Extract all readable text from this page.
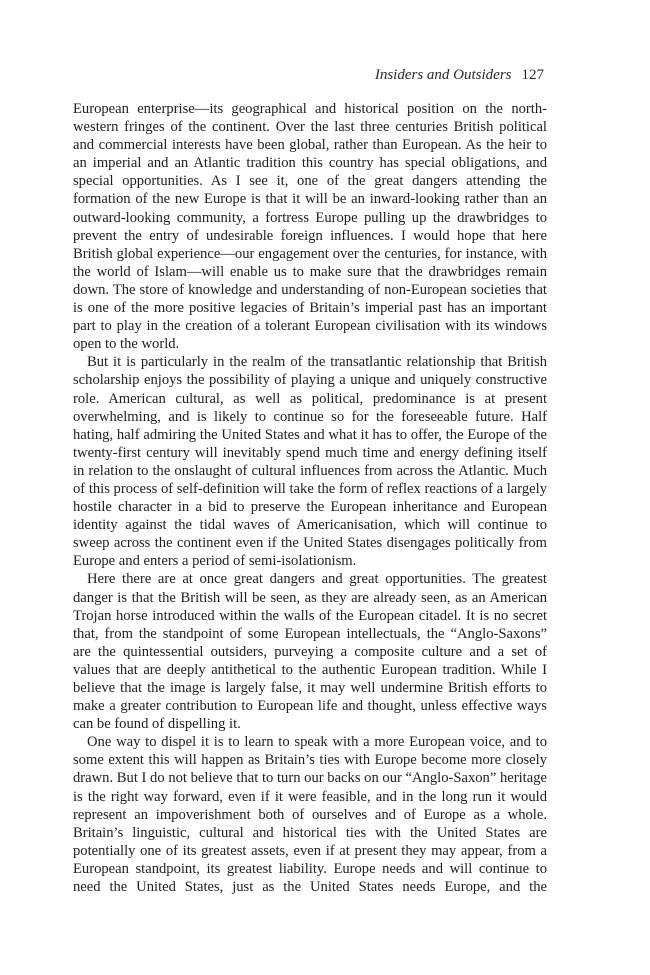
Insiders and Outsiders 127

European enterprise—its geographical and historical position on the north-western fringes of the continent. Over the last three centuries British political and commercial interests have been global, rather than European. As the heir to an imperial and an Atlantic tradition this country has special obligations, and special opportunities. As I see it, one of the great dangers attending the formation of the new Europe is that it will be an inward-looking rather than an outward-looking community, a fortress Europe pulling up the drawbridges to prevent the entry of undesirable foreign influences. I would hope that here British global experience—our engagement over the centuries, for instance, with the world of Islam—will enable us to make sure that the drawbridges remain down. The store of knowledge and understanding of non-European societies that is one of the more positive legacies of Britain’s imperial past has an important part to play in the creation of a tolerant European civilisation with its windows open to the world.

But it is particularly in the realm of the transatlantic relationship that British scholarship enjoys the possibility of playing a unique and uniquely constructive role. American cultural, as well as political, predominance is at present overwhelming, and is likely to continue so for the foreseeable future. Half hating, half admiring the United States and what it has to offer, the Europe of the twenty-first century will inevitably spend much time and energy defining itself in relation to the onslaught of cultural influences from across the Atlantic. Much of this process of self-definition will take the form of reflex reactions of a largely hostile character in a bid to preserve the European inheritance and European identity against the tidal waves of Americanisation, which will continue to sweep across the continent even if the United States disengages politically from Europe and enters a period of semi-isolationism.

Here there are at once great dangers and great opportunities. The greatest danger is that the British will be seen, as they are already seen, as an American Trojan horse introduced within the walls of the European citadel. It is no secret that, from the standpoint of some European intellectuals, the “Anglo-Saxons” are the quintessential outsiders, purveying a composite culture and a set of values that are deeply antithetical to the authentic European tradition. While I believe that the image is largely false, it may well undermine British efforts to make a greater contribution to European life and thought, unless effective ways can be found of dispelling it.

One way to dispel it is to learn to speak with a more European voice, and to some extent this will happen as Britain’s ties with Europe become more closely drawn. But I do not believe that to turn our backs on our “Anglo-Saxon” heritage is the right way forward, even if it were feasible, and in the long run it would represent an impoverishment both of ourselves and of Europe as a whole. Britain’s linguistic, cultural and historical ties with the United States are potentially one of its greatest assets, even if at present they may appear, from a European standpoint, its greatest liability. Europe needs and will continue to need the United States, just as the United States needs Europe, and the
